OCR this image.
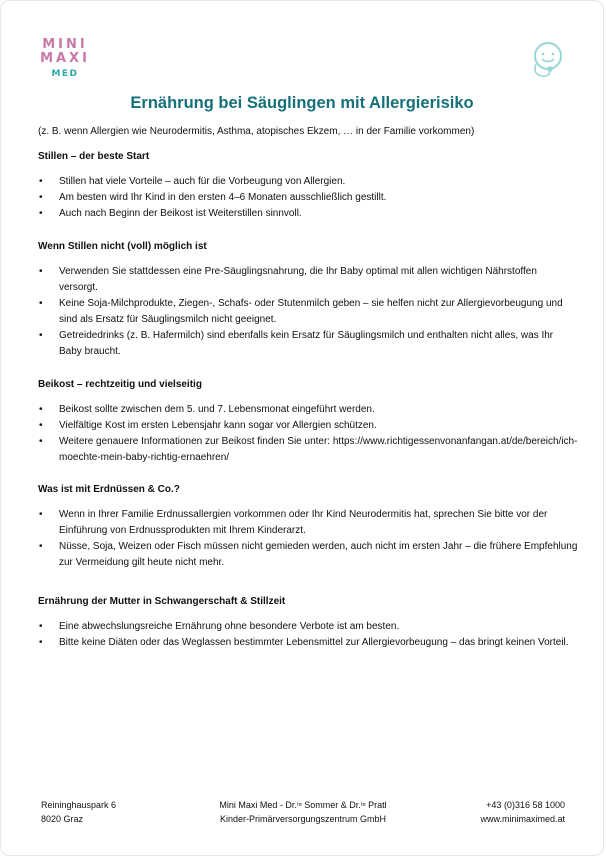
MINI
MAXI
MED
Ernährung bei Säuglingen mit Allergierisiko

(z. B. wenn Allergien wie Neurodermitis, Asthma, atopisches Ekzem, … in der Familie vorkommen)

Stillen – der beste Start
• Stillen hat viele Vorteile – auch für die Vorbeugung von Allergien.
• Am besten wird Ihr Kind in den ersten 4–6 Monaten ausschließlich gestillt.
• Auch nach Beginn der Beikost ist Weiterstillen sinnvoll.
Wenn Stillen nicht (voll) möglich ist
• Verwenden Sie stattdessen eine Pre-Säuglingsnahrung, die Ihr Baby optimal mit allen wichtigen Nährstoffen versorgt.
• Keine Soja-Milchprodukte, Ziegen-, Schafs- oder Stutenmilch geben – sie helfen nicht zur Allergievorbeugung und sind als Ersatz für Säuglingsmilch nicht geeignet.
• Getreidedrinks (z. B. Hafermilch) sind ebenfalls kein Ersatz für Säuglingsmilch und enthalten nicht alles, was Ihr Baby braucht.
Beikost – rechtzeitig und vielseitig
• Beikost sollte zwischen dem 5. und 7. Lebensmonat eingeführt werden.
• Vielfältige Kost im ersten Lebensjahr kann sogar vor Allergien schützen.
• Weitere genauere Informationen zur Beikost finden Sie unter: https://www.richtigessenvonanfangan.at/de/bereich/ich-moechte-mein-baby-richtig-ernaehren/
Was ist mit Erdnüssen & Co.?
• Wenn in Ihrer Familie Erdnussallergien vorkommen oder Ihr Kind Neurodermitis hat, sprechen Sie bitte vor der Einführung von Erdnussprodukten mit Ihrem Kinderarzt.
• Nüsse, Soja, Weizen oder Fisch müssen nicht gemieden werden, auch nicht im ersten Jahr – die frühere Empfehlung zur Vermeidung gilt heute nicht mehr.
Ernährung der Mutter in Schwangerschaft & Stillzeit
• Eine abwechslungsreiche Ernährung ohne besondere Verbote ist am besten.
• Bitte keine Diäten oder das Weglassen bestimmter Lebensmittel zur Allergievorbeugung – das bringt keinen Vorteil.
Reininghauspark 6
8020 Graz
Mini Maxi Med - Dr.ⁱⁿ Sommer & Dr.ⁱⁿ Pratl
Kinder-Primärversorgungszentrum GmbH
+43 (0)316 58 1000
www.minimaximed.at
